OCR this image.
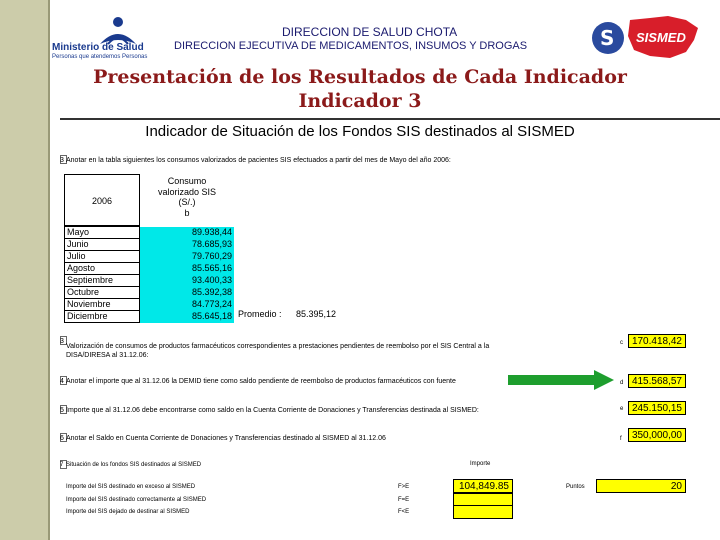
Ministerio de Salud
Personas que atendemos Personas
DIRECCION DE SALUD CHOTA
DIRECCION EJECUTIVA DE MEDICAMENTOS, INSUMOS Y DROGAS	S SISMED
Presentación de los Resultados de Cada Indicador
Indicador 3
Indicador de Situación de los Fondos SIS destinados al SISMED
3 Anotar en la tabla siguientes los consumos valorizados de pacientes SIS efectuados a partir del mes de Mayo del año 2006:
2006
Consumo
valorizado SIS
(S/.)
b
Mayo	89.938,44
Junio	78.685,93
Julio	79.760,29
Agosto	85.565,16
Septiembre	93.400,33
Octubre	85.392,38
Noviembre	84.773,24
Diciembre	85.645,18 Promedio : 85.395,12
3
Valorización de consumos de productos farmacéuticos correspondientes a prestaciones pendientes de reembolso por el SIS Central a la
DISA/DIRESA al 31.12.06:
c 170.418,42
4 Anotar el importe que al 31.12.06 la DEMID tiene como saldo pendiente de reembolso de productos farmacéuticos con fuente	d 415.568,57
5 Importe que al 31.12.06 debe encontrarse como saldo en la Cuenta Corriente de Donaciones y Transferencias destinada al SISMED:	e 245.150,15
6 Anotar el Saldo en Cuenta Corriente de Donaciones y Transferencias destinado al SISMED al 31.12.06	f	350,000,00
7 Situación de los fondos SIS destinados al SISMED	Importe
Puntos
Importe del SIS destinado en exceso al SISMED	F>E	104,849.85	20
Importe del SIS destinado correctamente al SISMED	F=E
Importe del SIS dejado de destinar al SISMED	F<E
